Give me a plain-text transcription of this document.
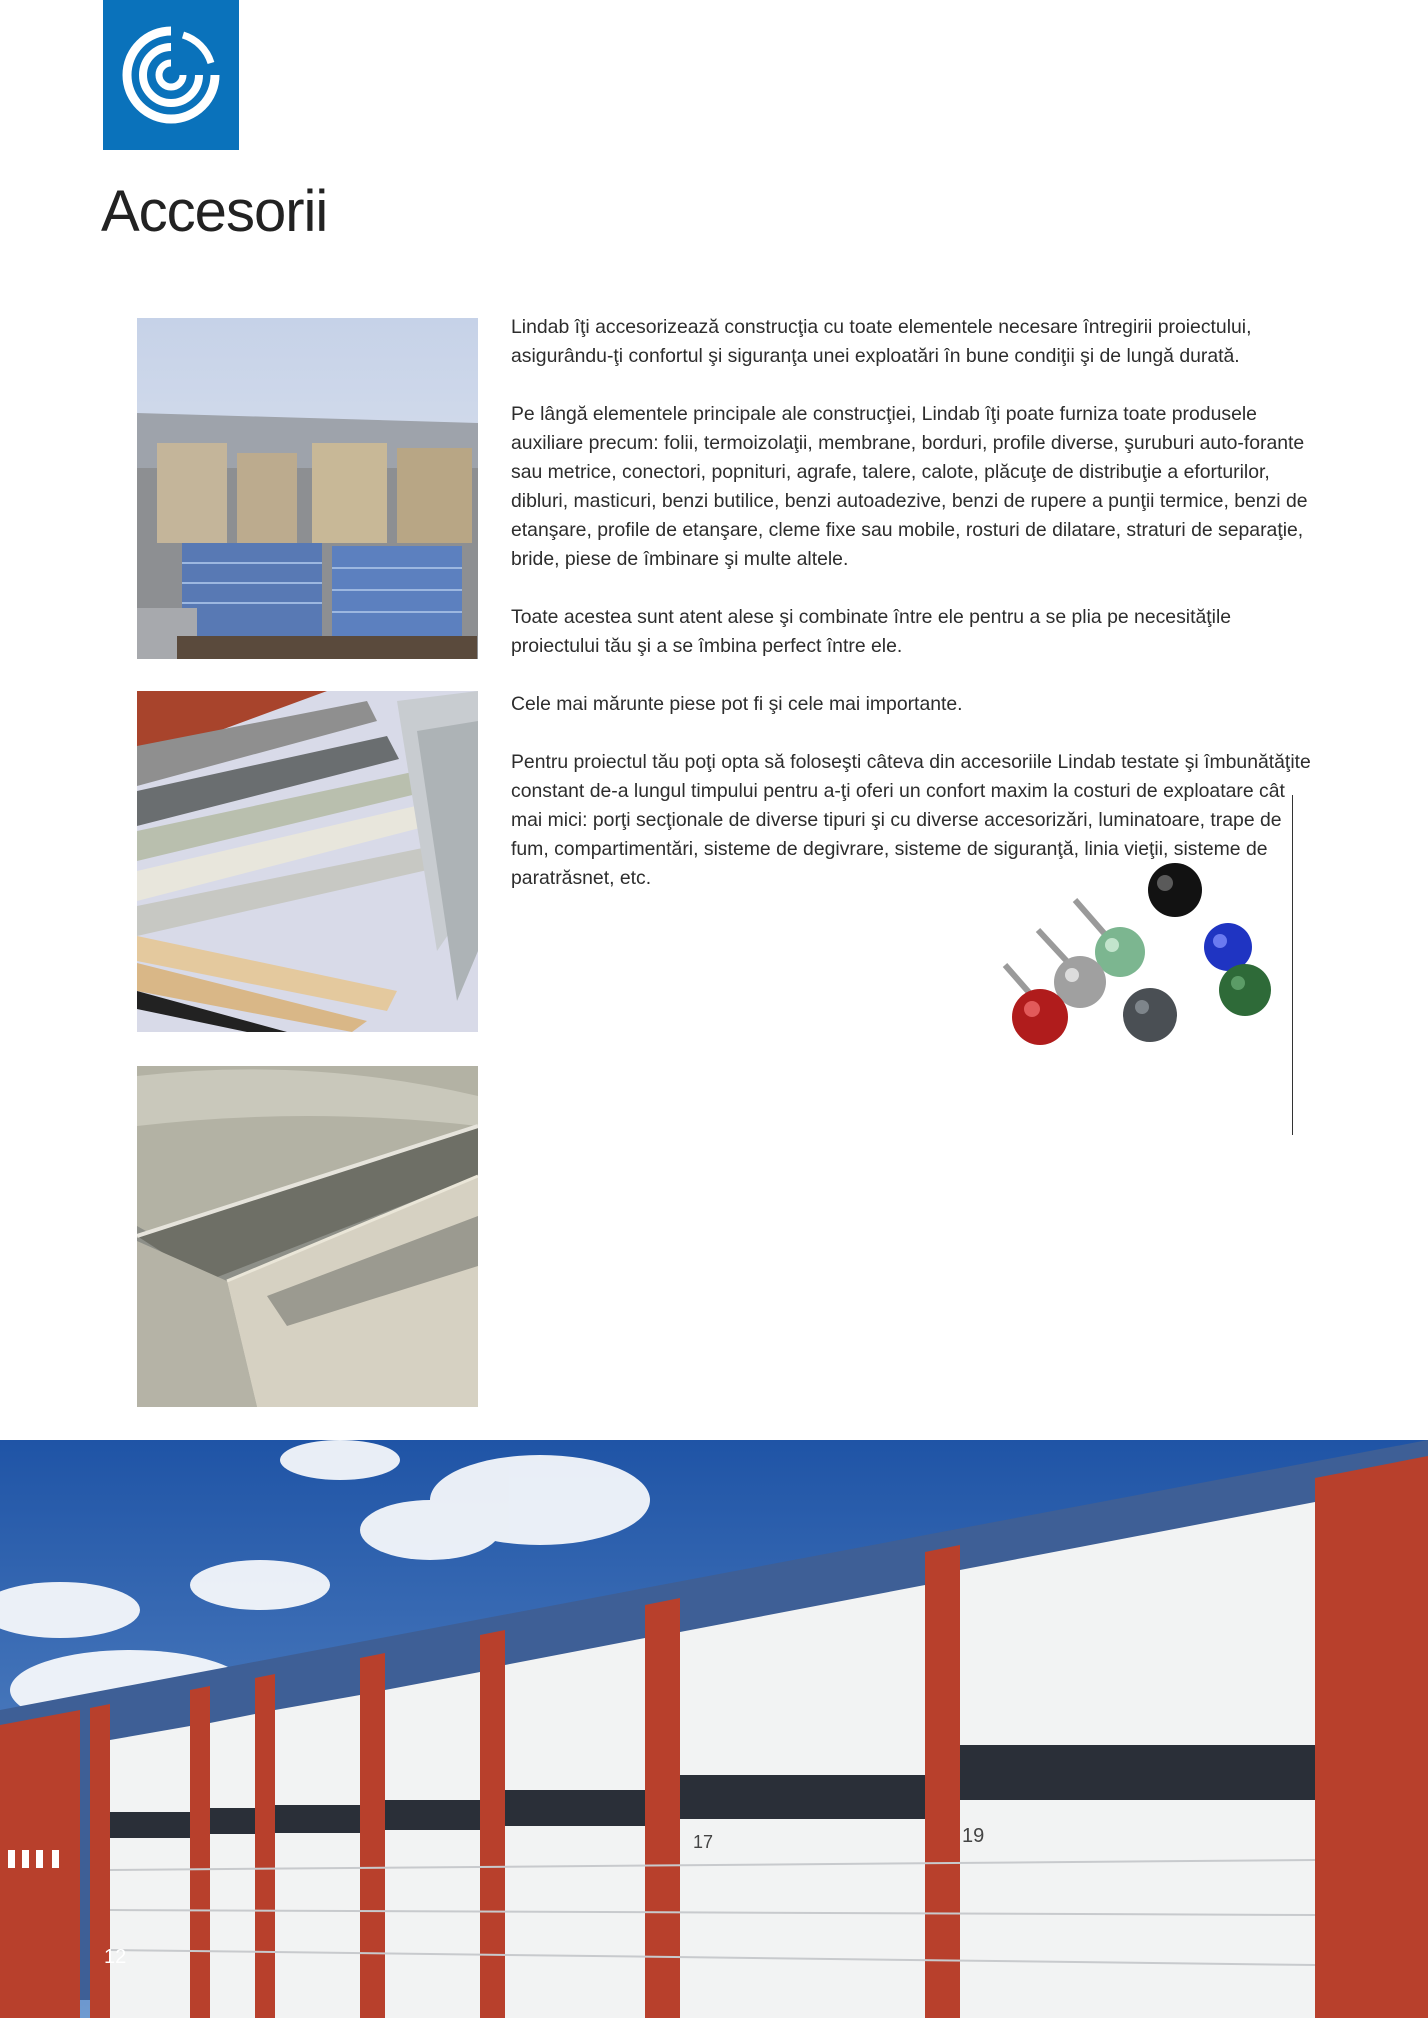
Accesorii

Lindab îţi accesorizează construcţia cu toate elementele necesare întregirii proiectului, asigurându-ţi confortul şi siguranţa unei exploatări în bune condiţii şi de lungă durată.

Pe lângă elementele principale ale construcţiei, Lindab îţi poate furniza toate produsele auxiliare precum: folii, termoizolaţii, membrane, borduri, profile diverse, şuruburi auto-forante sau metrice, conectori, popnituri, agrafe, talere, calote, plăcuţe de distribuţie a eforturilor, dibluri, masticuri, benzi butilice, benzi autoadezive, benzi de rupere a punţii termice, benzi de etanşare, profile de etanşare, cleme fixe sau mobile, rosturi de dilatare, straturi de separaţie, bride, piese de îmbinare şi multe altele.

Toate acestea sunt atent alese şi combinate între ele pentru a se plia pe necesităţile proiectului tău şi a se îmbina perfect între ele.

Cele mai mărunte piese pot fi şi cele mai importante.

Pentru proiectul tău poţi opta să foloseşti câteva din accesoriile Lindab testate şi îmbunătăţite constant de-a lungul timpului pentru a-ţi oferi un confort maxim la costuri de exploatare cât mai mici: porţi secţionale de diverse tipuri şi cu diverse accesorizări, luminatoare, trape de fum, compartimentări, sisteme de degivrare, sisteme de siguranţă, linia vieţii, sisteme de paratrăsnet, etc.

17	19
12
